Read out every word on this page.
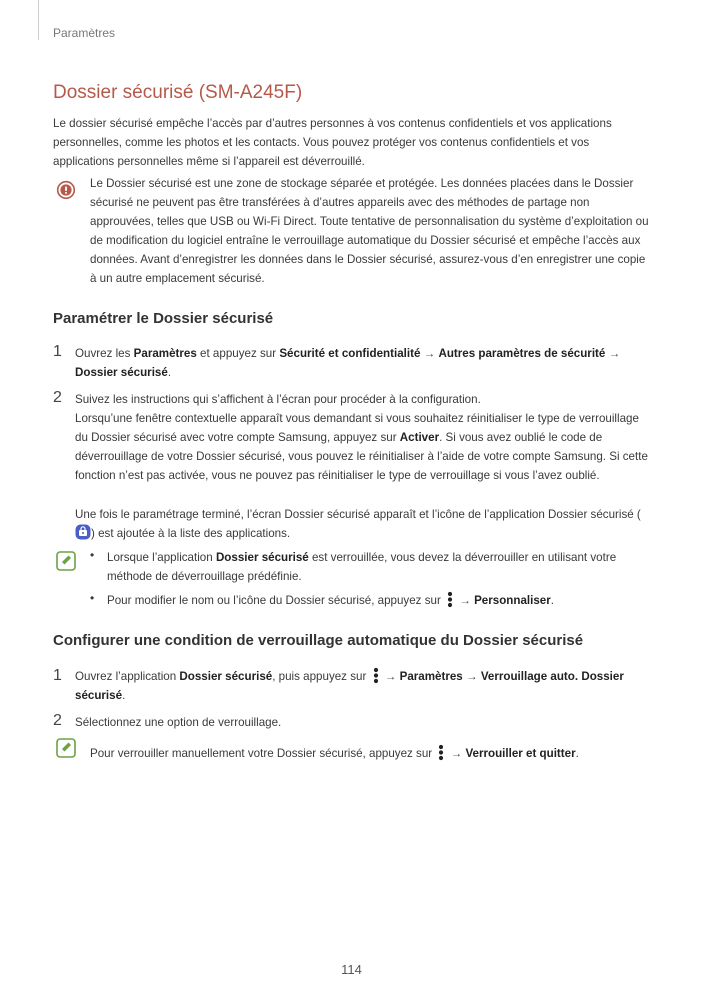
Paramètres
Dossier sécurisé (SM-A245F)

Le dossier sécurisé empêche l’accès par d’autres personnes à vos contenus confidentiels et vos applications personnelles, comme les photos et les contacts. Vous pouvez protéger vos contenus confidentiels et vos applications personnelles même si l’appareil est déverrouillé.

Le Dossier sécurisé est une zone de stockage séparée et protégée. Les données placées dans le Dossier sécurisé ne peuvent pas être transférées à d’autres appareils avec des méthodes de partage non approuvées, telles que USB ou Wi-Fi Direct. Toute tentative de personnalisation du système d’exploitation ou de modification du logiciel entraîne le verrouillage automatique du Dossier sécurisé et empêche l’accès aux données. Avant d’enregistrer les données dans le Dossier sécurisé, assurez-vous d’en enregistrer une copie à un autre emplacement sécurisé.

Paramétrer le Dossier sécurisé
1 Ouvrez les Paramètres et appuyez sur Sécurité et confidentialité → Autres paramètres de sécurité → Dossier sécurisé.

2 Suivez les instructions qui s’affichent à l’écran pour procéder à la configuration.

Lorsqu’une fenêtre contextuelle apparaît vous demandant si vous souhaitez réinitialiser le type de verrouillage du Dossier sécurisé avec votre compte Samsung, appuyez sur Activer. Si vous avez oublié le code de déverrouillage de votre Dossier sécurisé, vous pouvez le réinitialiser à l’aide de votre compte Samsung. Si cette fonction n’est pas activée, vous ne pouvez pas réinitialiser le type de verrouillage si vous l’avez oublié.

Une fois le paramétrage terminé, l’écran Dossier sécurisé apparaît et l’icône de l’application Dossier sécurisé () est ajoutée à la liste des applications.

• Lorsque l’application Dossier sécurisé est verrouillée, vous devez la déverrouiller en utilisant votre méthode de déverrouillage prédéfinie.

• Pour modifier le nom ou l’icône du Dossier sécurisé, appuyez sur  → Personnaliser.

Configurer une condition de verrouillage automatique du Dossier sécurisé
1 Ouvrez l’application Dossier sécurisé, puis appuyez sur  → Paramètres → Verrouillage auto. Dossier sécurisé.

2 Sélectionnez une option de verrouillage.

Pour verrouiller manuellement votre Dossier sécurisé, appuyez sur  → Verrouiller et quitter.

114
